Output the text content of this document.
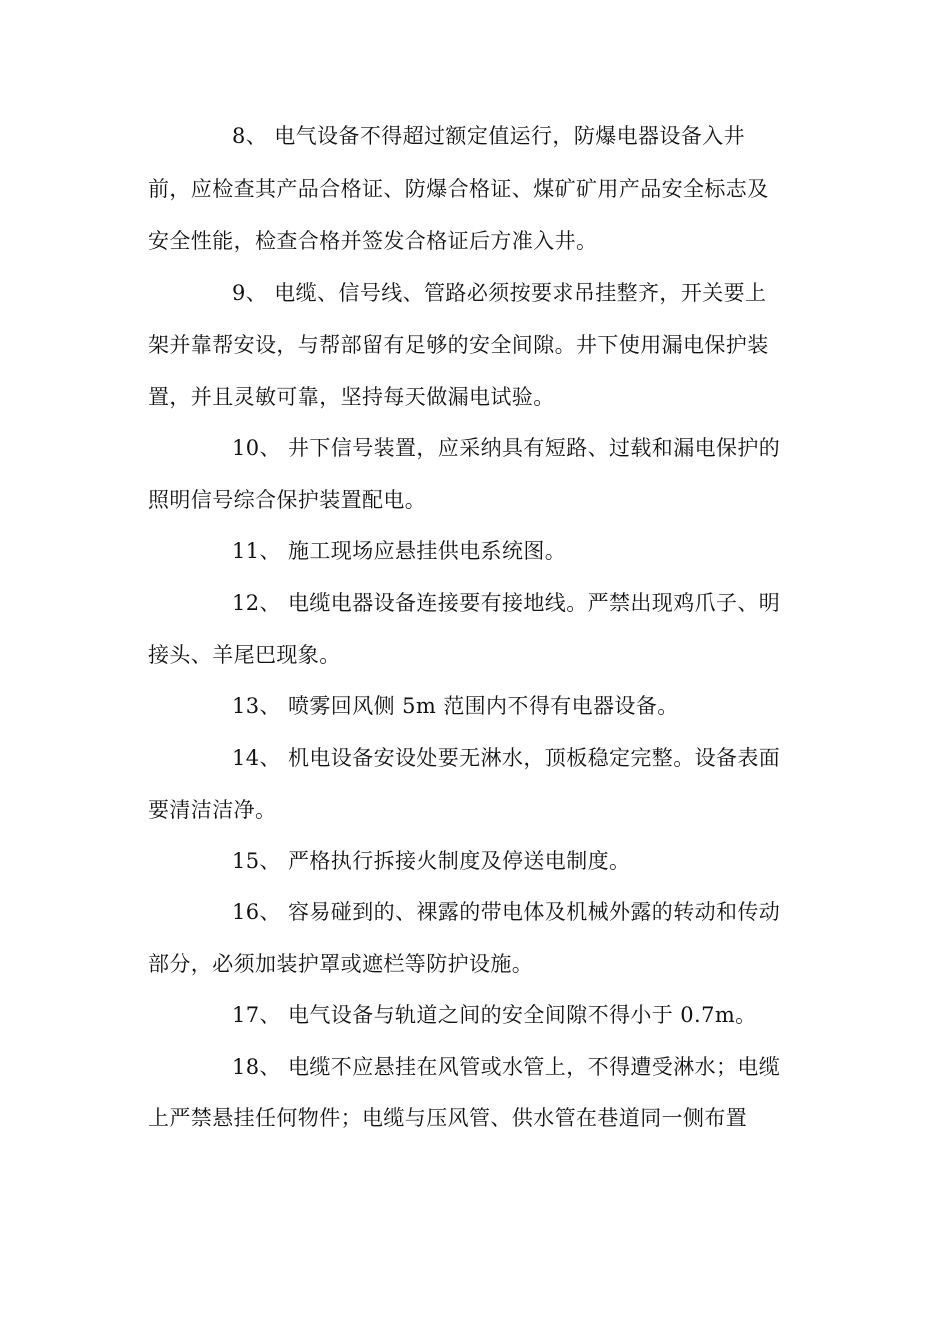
8、 电气设备不得超过额定值运行，防爆电器设备入井
前，应检查其产品合格证、防爆合格证、煤矿矿用产品安全标志及
安全性能，检查合格并签发合格证后方准入井。
9、 电缆、信号线、管路必须按要求吊挂整齐，开关要上
架并靠帮安设，与帮部留有足够的安全间隙。井下使用漏电保护装
置，并且灵敏可靠，坚持每天做漏电试验。
10、 井下信号装置，应采纳具有短路、过载和漏电保护的
照明信号综合保护装置配电。
11、 施工现场应悬挂供电系统图。
12、 电缆电器设备连接要有接地线。严禁出现鸡爪子、明
接头、羊尾巴现象。
13、 喷雾回风侧 5m 范围内不得有电器设备。
14、 机电设备安设处要无淋水，顶板稳定完整。设备表面
要清洁洁净。
15、 严格执行拆接火制度及停送电制度。
16、 容易碰到的、裸露的带电体及机械外露的转动和传动
部分，必须加装护罩或遮栏等防护设施。
17、 电气设备与轨道之间的安全间隙不得小于 0.7m。
18、 电缆不应悬挂在风管或水管上，不得遭受淋水；电缆
上严禁悬挂任何物件；电缆与压风管、供水管在巷道同一侧布置
